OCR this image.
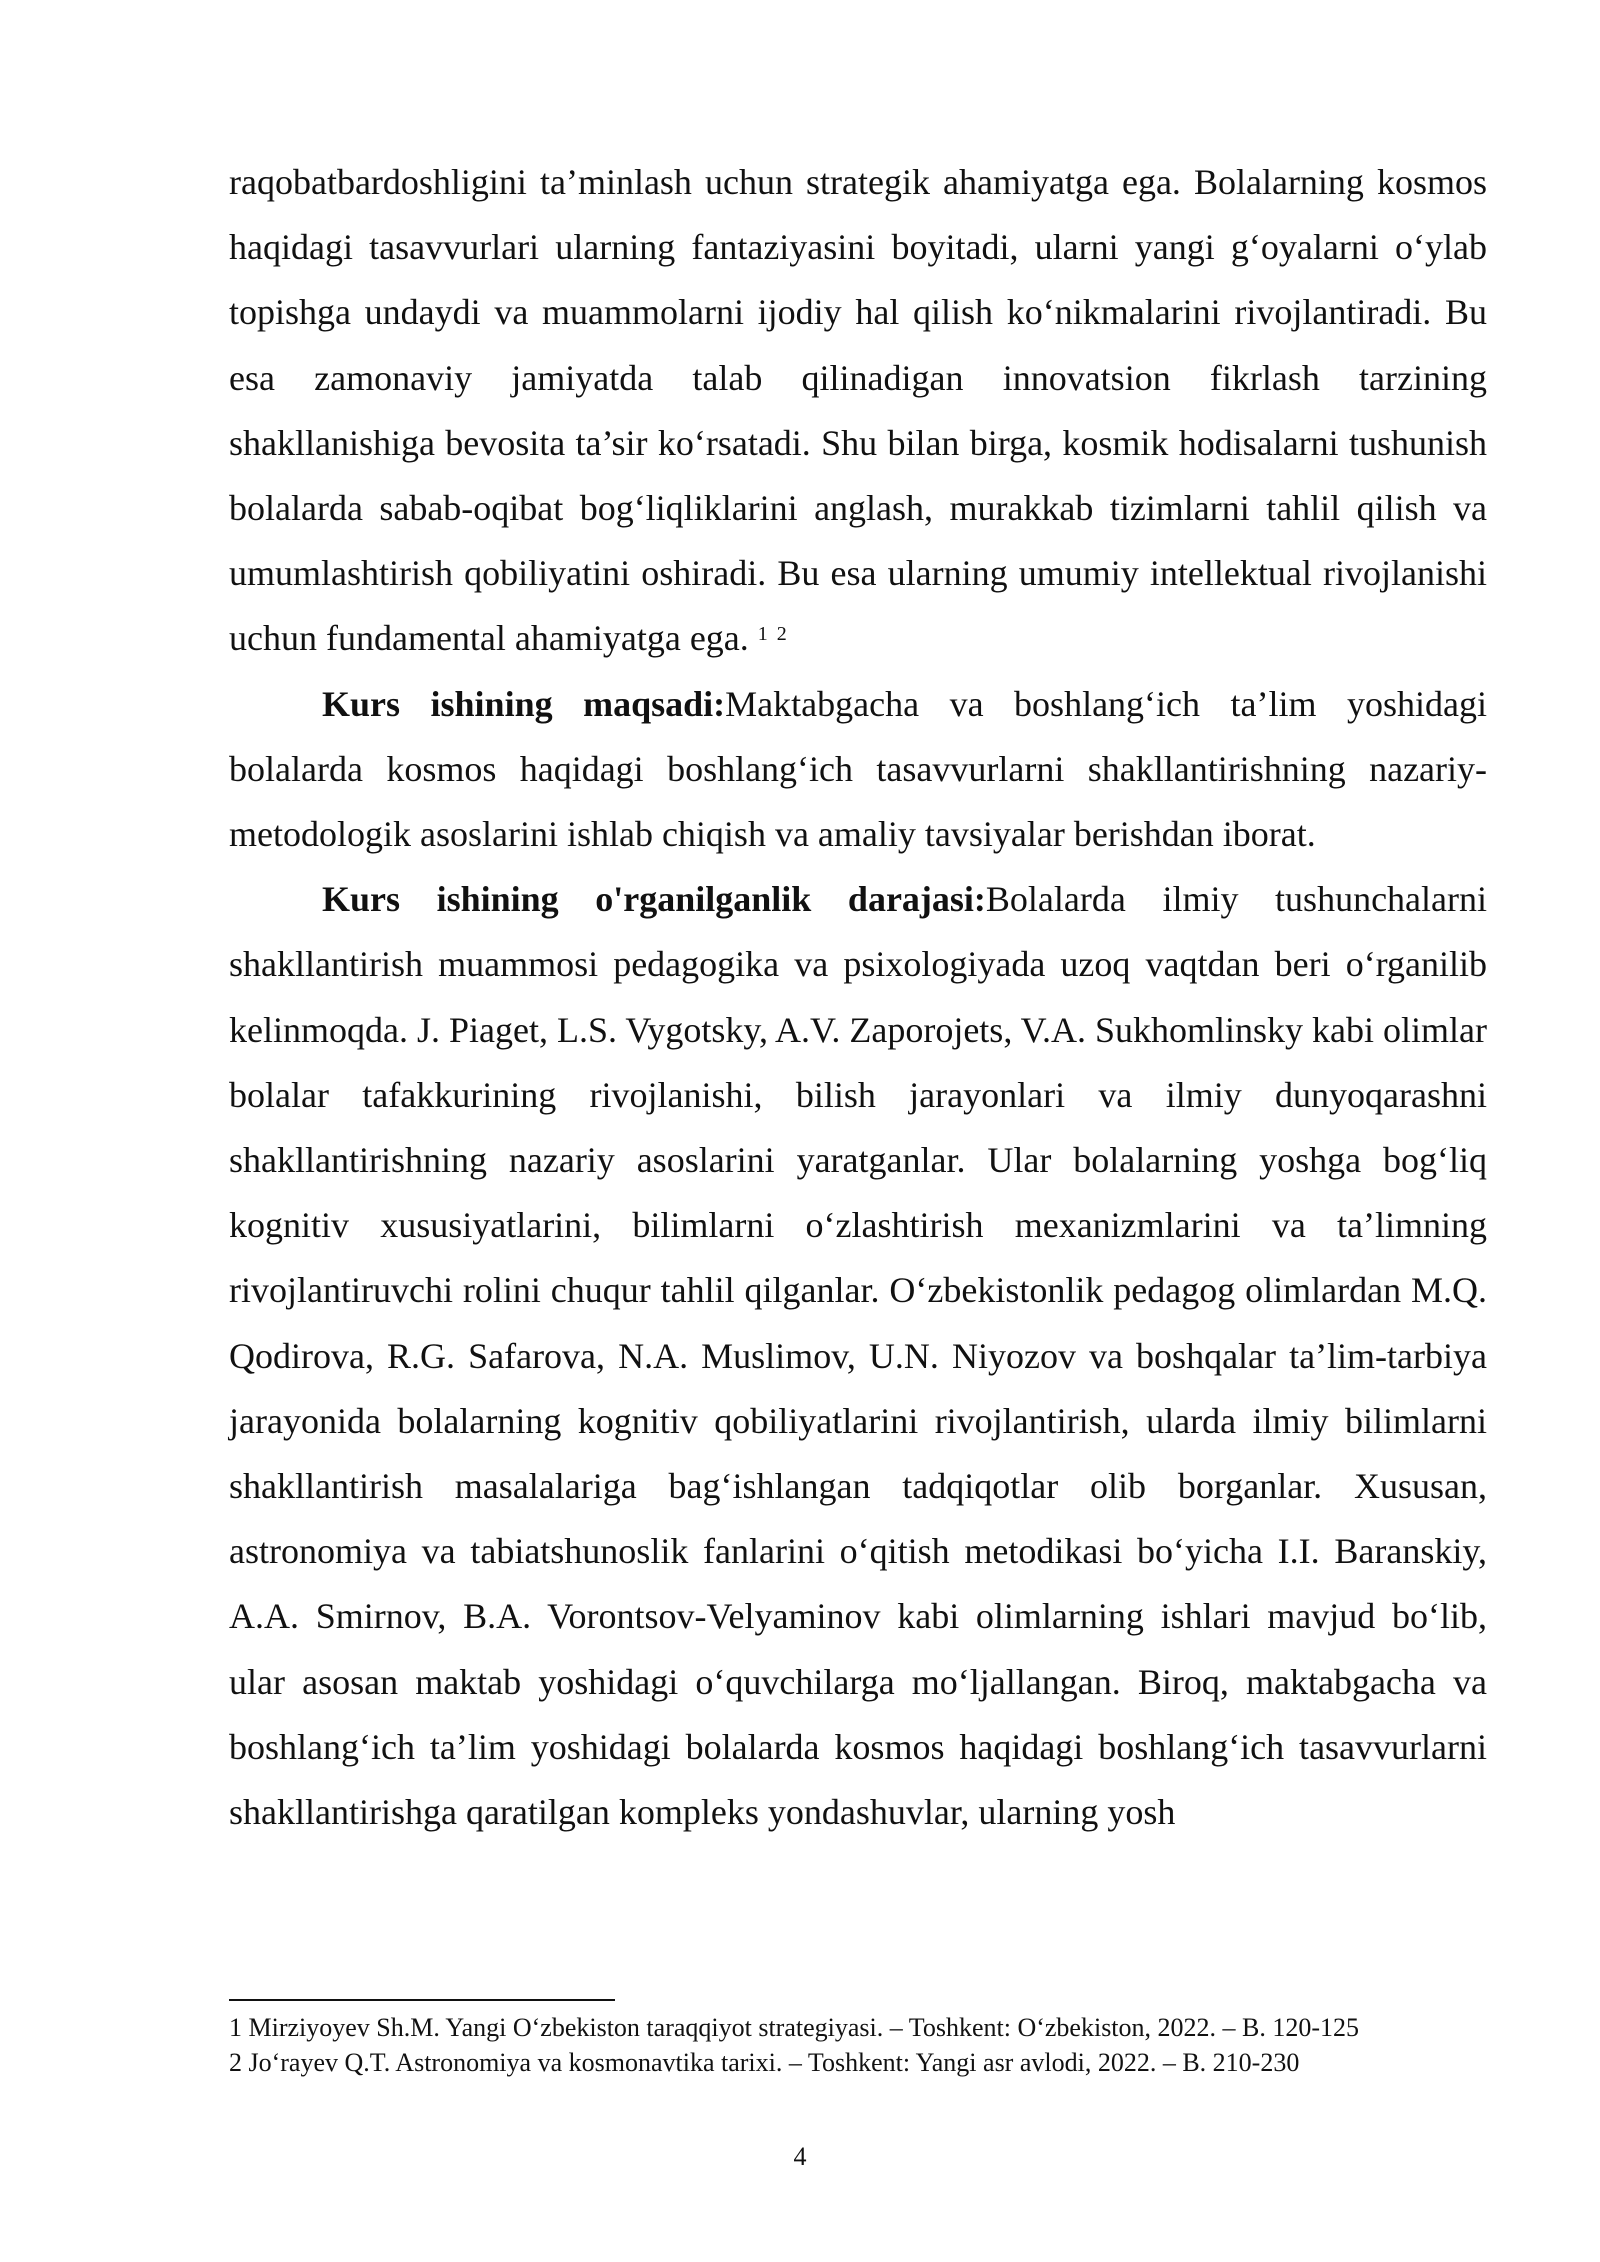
raqobatbardoshligini ta’minlash uchun strategik ahamiyatga ega. Bolalarning kosmos haqidagi tasavvurlari ularning fantaziyasini boyitadi, ularni yangi g‘oyalarni o‘ylab topishga undaydi va muammolarni ijodiy hal qilish ko‘nikmalarini rivojlantiradi. Bu esa zamonaviy jamiyatda talab qilinadigan innovatsion fikrlash tarzining shakllanishiga bevosita ta’sir ko‘rsatadi. Shu bilan birga, kosmik hodisalarni tushunish bolalarda sabab-oqibat bog‘liqliklarini anglash, murakkab tizimlarni tahlil qilish va umumlashtirish qobiliyatini oshiradi. Bu esa ularning umumiy intellektual rivojlanishi uchun fundamental ahamiyatga ega. $^{1 2}$

Kurs ishining maqsadi:Maktabgacha va boshlang‘ich ta’lim yoshidagi bolalarda kosmos haqidagi boshlang‘ich tasavvurlarni shakllantirishning nazariy-metodologik asoslarini ishlab chiqish va amaliy tavsiyalar berishdan iborat.

Kurs ishining o'rganilganlik darajasi:Bolalarda ilmiy tushunchalarni shakllantirish muammosi pedagogika va psixologiyada uzoq vaqtdan beri o‘rganilib kelinmoqda. J. Piaget, L.S. Vygotsky, A.V. Zaporojets, V.A. Sukhomlinsky kabi olimlar bolalar tafakkurining rivojlanishi, bilish jarayonlari va ilmiy dunyoqarashni shakllantirishning nazariy asoslarini yaratganlar. Ular bolalarning yoshga bog‘liq kognitiv xususiyatlarini, bilimlarni o‘zlashtirish mexanizmlarini va ta’limning rivojlantiruvchi rolini chuqur tahlil qilganlar. O‘zbekistonlik pedagog olimlardan M.Q. Qodirova, R.G. Safarova, N.A. Muslimov, U.N. Niyozov va boshqalar ta’lim-tarbiya jarayonida bolalarning kognitiv qobiliyatlarini rivojlantirish, ularda ilmiy bilimlarni shakllantirish masalalariga bag‘ishlangan tadqiqotlar olib borganlar. Xususan, astronomiya va tabiatshunoslik fanlarini o‘qitish metodikasi bo‘yicha I.I. Baranskiy, A.A. Smirnov, B.A. Vorontsov-Velyaminov kabi olimlarning ishlari mavjud bo‘lib, ular asosan maktab yoshidagi o‘quvchilarga mo‘ljallangan. Biroq, maktabgacha va boshlang‘ich ta’lim yoshidagi bolalarda kosmos haqidagi boshlang‘ich tasavvurlarni shakllantirishga qaratilgan kompleks yondashuvlar, ularning yosh

1 Mirziyoyev Sh.M. Yangi O‘zbekiston taraqqiyot strategiyasi. – Toshkent: O‘zbekiston, 2022. – B. 120-125

2 Jo‘rayev Q.T. Astronomiya va kosmonavtika tarixi. – Toshkent: Yangi asr avlodi, 2022. – B. 210-230

4
